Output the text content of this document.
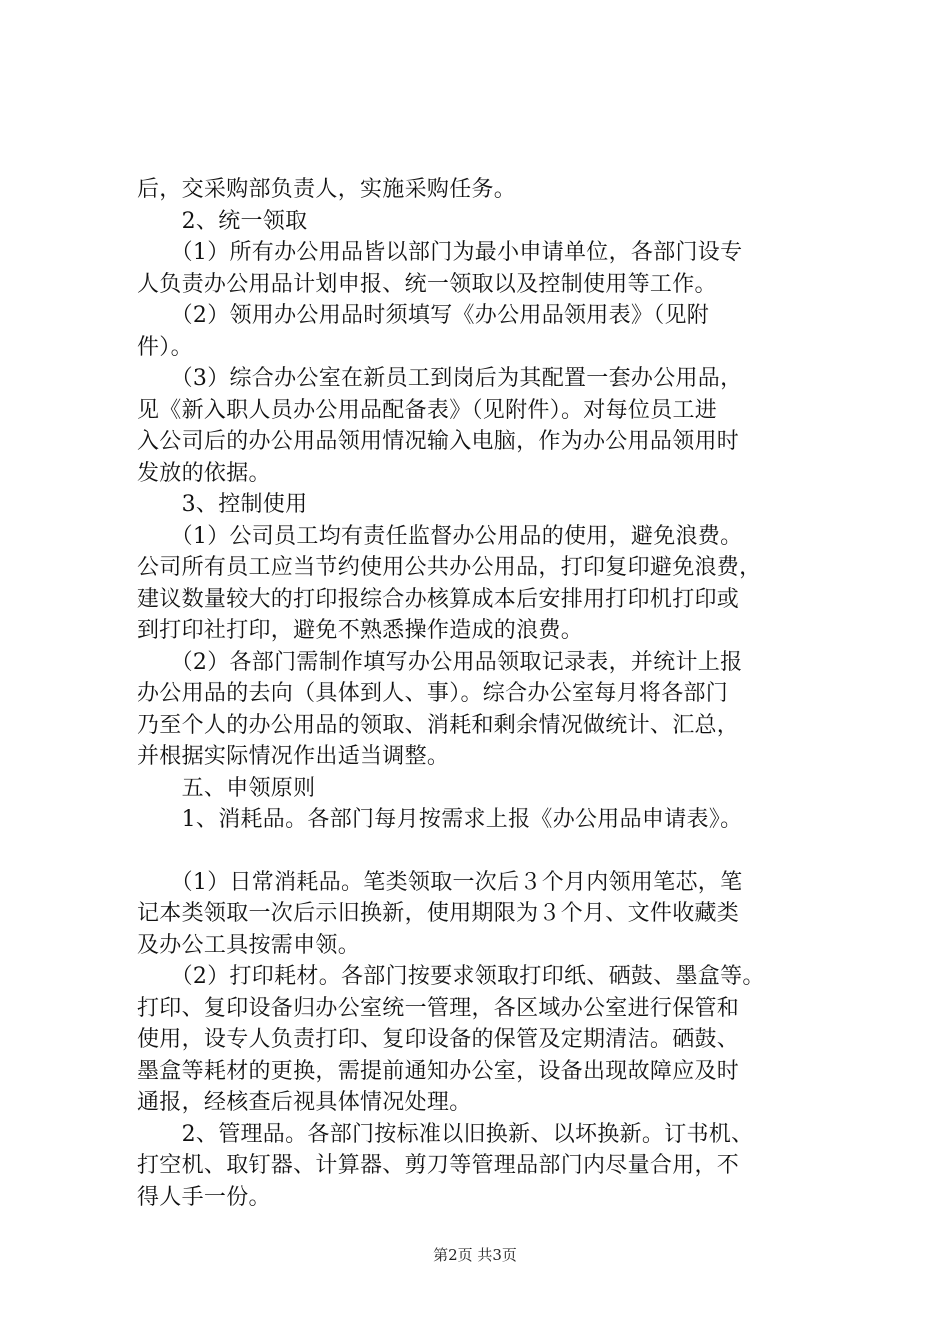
后，交采购部负责人，实施采购任务。
　　2、统一领取
　　（1）所有办公用品皆以部门为最小申请单位，各部门设专
人负责办公用品计划申报、统一领取以及控制使用等工作。
　　（2）领用办公用品时须填写《办公用品领用表》（见附
件）。
　　（3）综合办公室在新员工到岗后为其配置一套办公用品，
见《新入职人员办公用品配备表》（见附件）。对每位员工进
入公司后的办公用品领用情况输入电脑，作为办公用品领用时
发放的依据。
　　3、控制使用
　　（1）公司员工均有责任监督办公用品的使用，避免浪费。
公司所有员工应当节约使用公共办公用品，打印复印避免浪费，
建议数量较大的打印报综合办核算成本后安排用打印机打印或
到打印社打印，避免不熟悉操作造成的浪费。
　　（2）各部门需制作填写办公用品领取记录表，并统计上报
办公用品的去向（具体到人、事）。综合办公室每月将各部门
乃至个人的办公用品的领取、消耗和剩余情况做统计、汇总，
并根据实际情况作出适当调整。
　　五、申领原则
　　1、消耗品。各部门每月按需求上报《办公用品申请表》。
　　（1）日常消耗品。笔类领取一次后３个月内领用笔芯，笔
记本类领取一次后示旧换新，使用期限为３个月、文件收藏类
及办公工具按需申领。
　　（2）打印耗材。各部门按要求领取打印纸、硒鼓、墨盒等。
打印、复印设备归办公室统一管理，各区域办公室进行保管和
使用，设专人负责打印、复印设备的保管及定期清洁。硒鼓、
墨盒等耗材的更换，需提前通知办公室，设备出现故障应及时
通报，经核查后视具体情况处理。
　　2、管理品。各部门按标准以旧换新、以坏换新。订书机、
打空机、取钉器、计算器、剪刀等管理品部门内尽量合用，不
得人手一份。
第2页 共3页
